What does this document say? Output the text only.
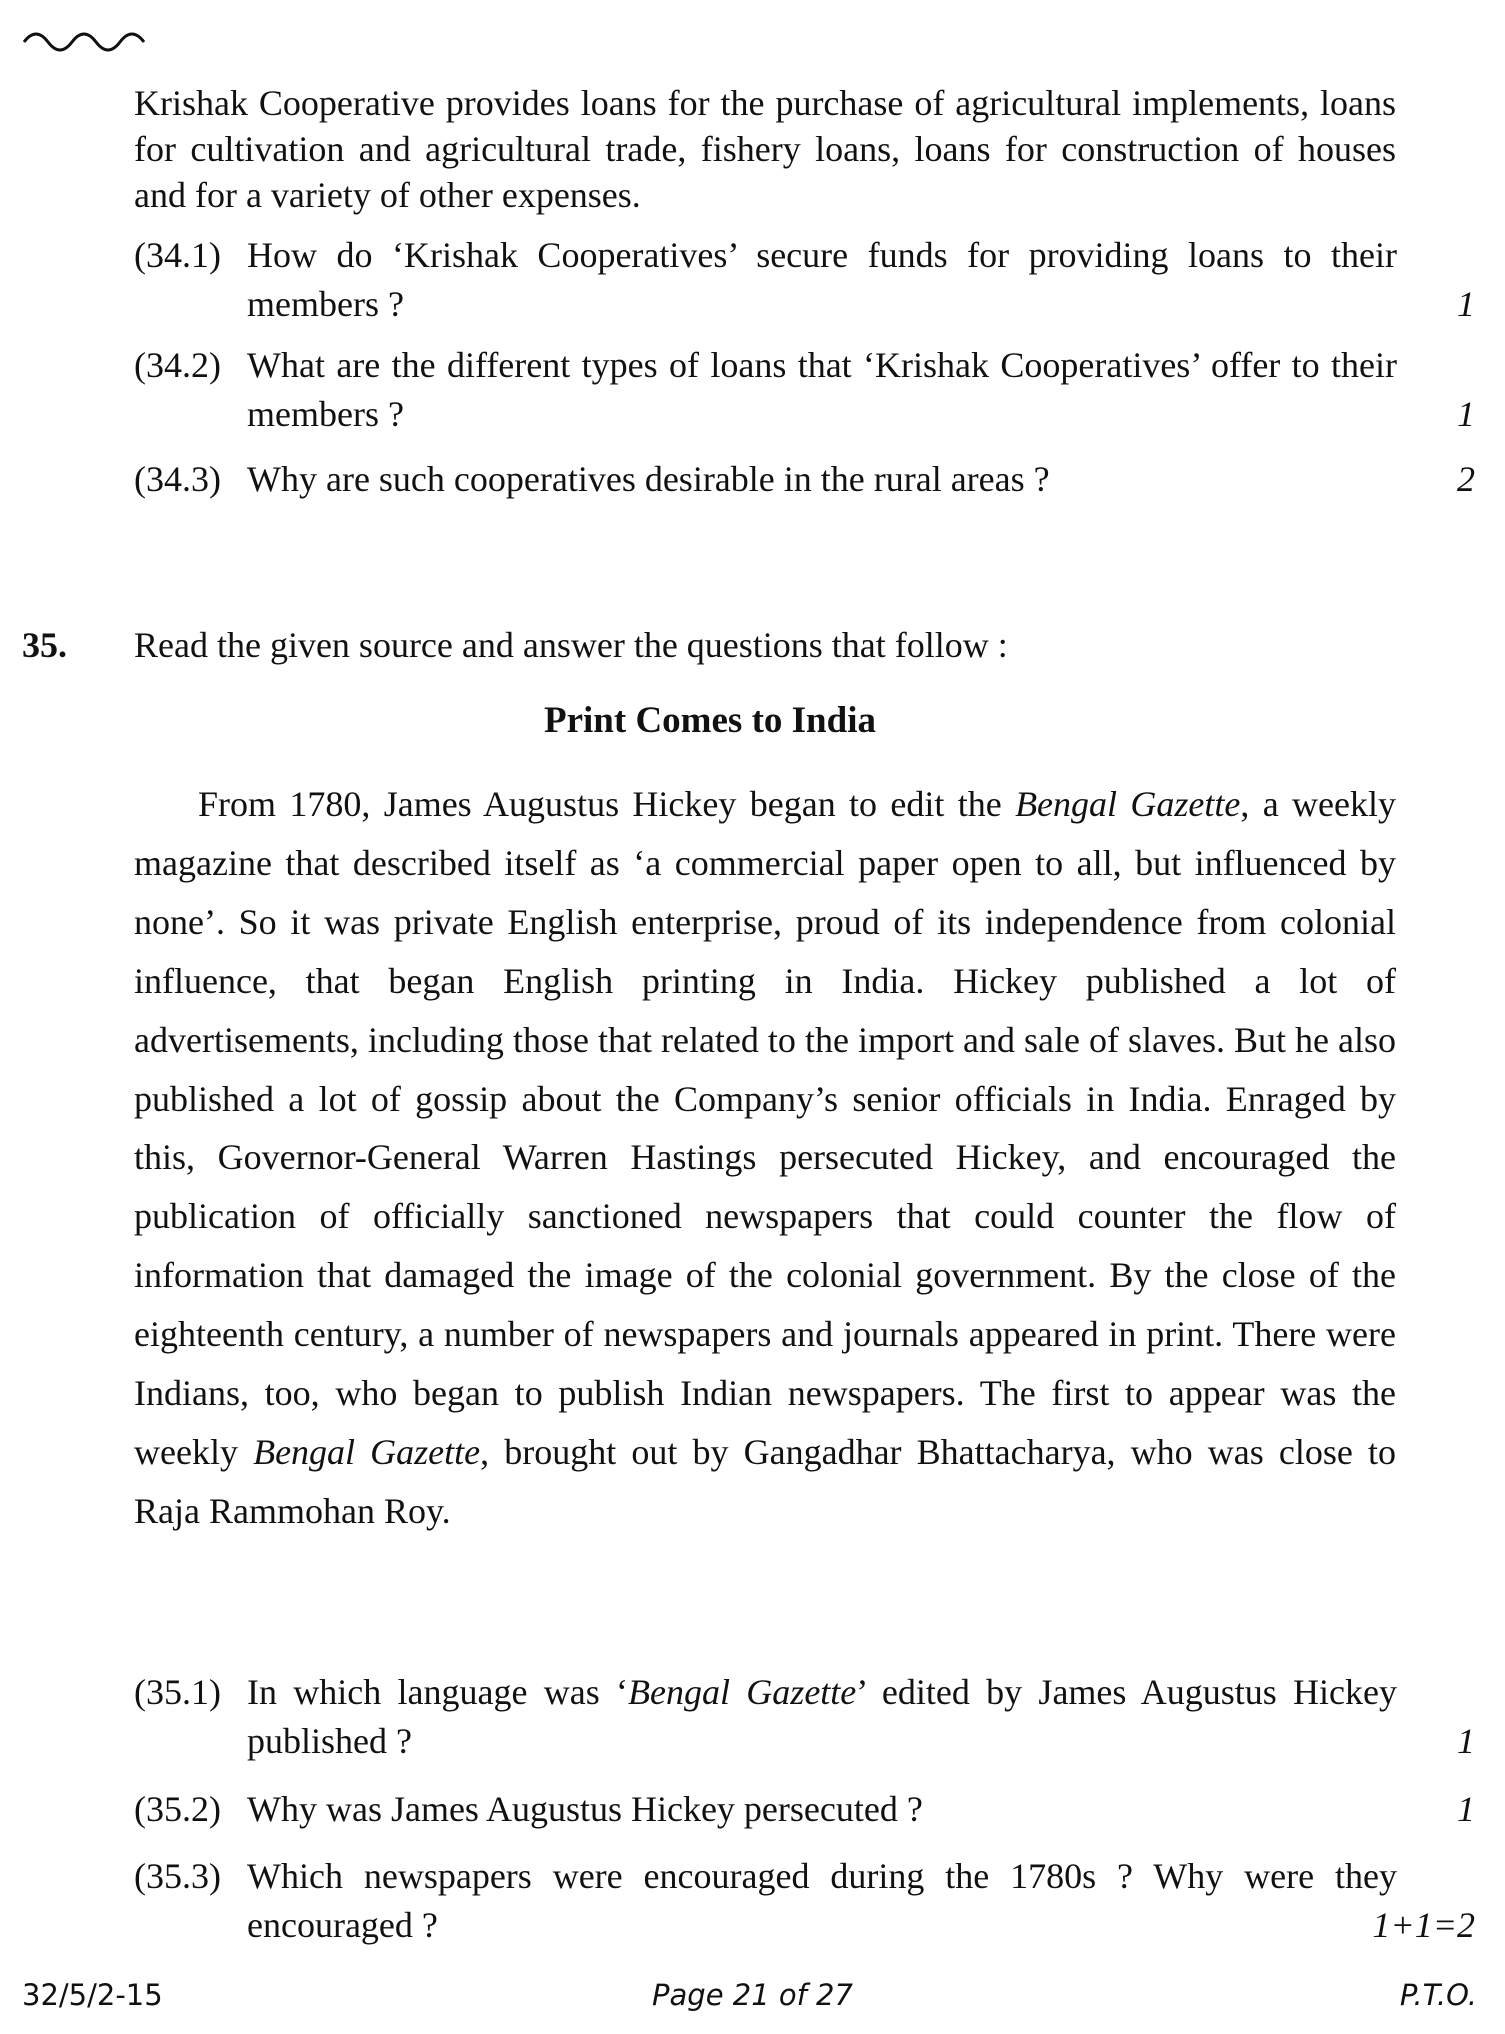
Krishak Cooperative provides loans for the purchase of agricultural implements, loans for cultivation and agricultural trade, fishery loans, loans for construction of houses and for a variety of other expenses.
(34.1) How do ‘Krishak Cooperatives’ secure funds for providing loans to their members ?	1
(34.2) What are the different types of loans that ‘Krishak Cooperatives’ offer to their members ?	1
(34.3) Why are such cooperatives desirable in the rural areas ?	2
35. Read the given source and answer the questions that follow :
Print Comes to India
From 1780, James Augustus Hickey began to edit the Bengal Gazette, a weekly magazine that described itself as ‘a commercial paper open to all, but influenced by none’. So it was private English enterprise, proud of its independence from colonial influence, that began English printing in India. Hickey published a lot of advertisements, including those that related to the import and sale of slaves. But he also published a lot of gossip about the Company’s senior officials in India. Enraged by this, Governor-General Warren Hastings persecuted Hickey, and encouraged the publication of officially sanctioned newspapers that could counter the flow of information that damaged the image of the colonial government. By the close of the eighteenth century, a number of newspapers and journals appeared in print. There were Indians, too, who began to publish Indian newspapers. The first to appear was the weekly Bengal Gazette, brought out by Gangadhar Bhattacharya, who was close to Raja Rammohan Roy.
(35.1) In which language was ‘Bengal Gazette’ edited by James Augustus Hickey published ?	1
(35.2) Why was James Augustus Hickey persecuted ?	1
(35.3) Which newspapers were encouraged during the 1780s ? Why were they encouraged ?	1+1=2
32/5/2-15	Page 21 of 27	P.T.O.
